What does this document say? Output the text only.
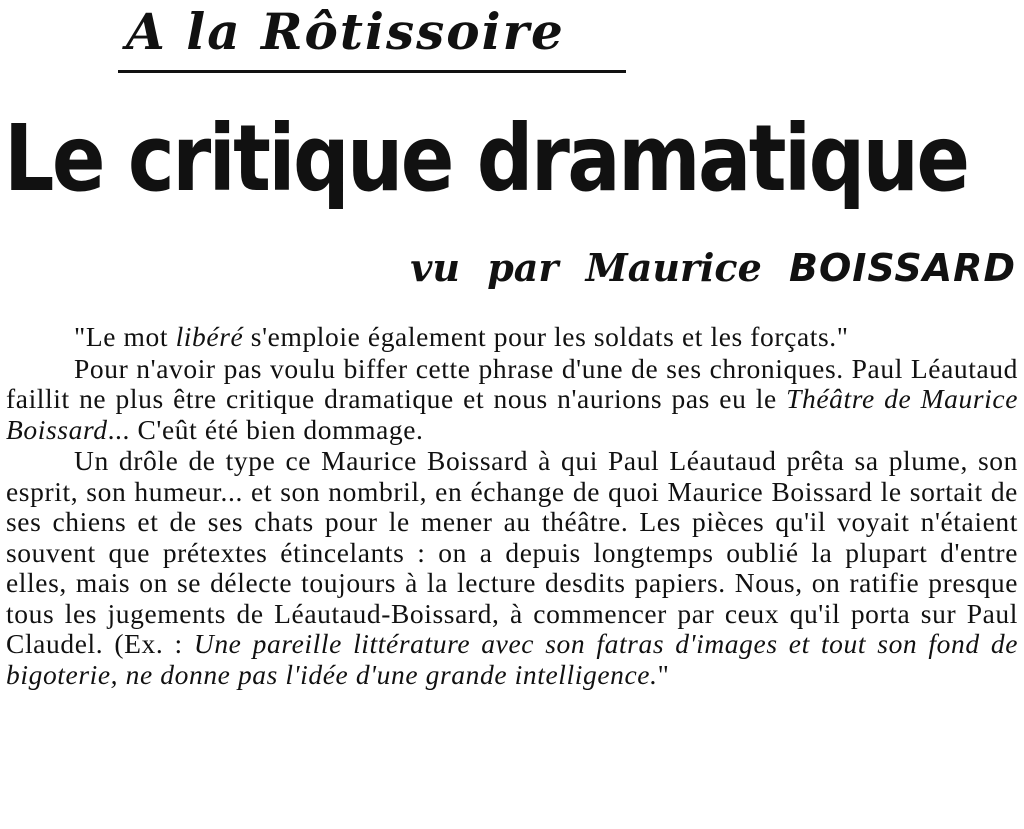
A la Rôtissoire
Le critique dramatique
vu par Maurice BOISSARD

"Le mot libéré s'emploie également pour les soldats et les forçats."

Pour n'avoir pas voulu biffer cette phrase d'une de ses chroniques. Paul Léautaud faillit ne plus être critique dramatique et nous n'aurions pas eu le Théâtre de Maurice Boissard... C'eût été bien dommage.

Un drôle de type ce Maurice Boissard à qui Paul Léautaud prêta sa plume, son esprit, son humeur... et son nombril, en échange de quoi Maurice Boissard le sortait de ses chiens et de ses chats pour le mener au théâtre. Les pièces qu'il voyait n'étaient souvent que prétextes étincelants : on a depuis longtemps oublié la plupart d'entre elles, mais on se délecte toujours à la lecture desdits papiers. Nous, on ratifie presque tous les jugements de Léautaud-Boissard, à commencer par ceux qu'il porta sur Paul Claudel. (Ex. : Une pareille littérature avec son fatras d'images et tout son fond de bigoterie, ne donne pas l'idée d'une grande intelligence."
